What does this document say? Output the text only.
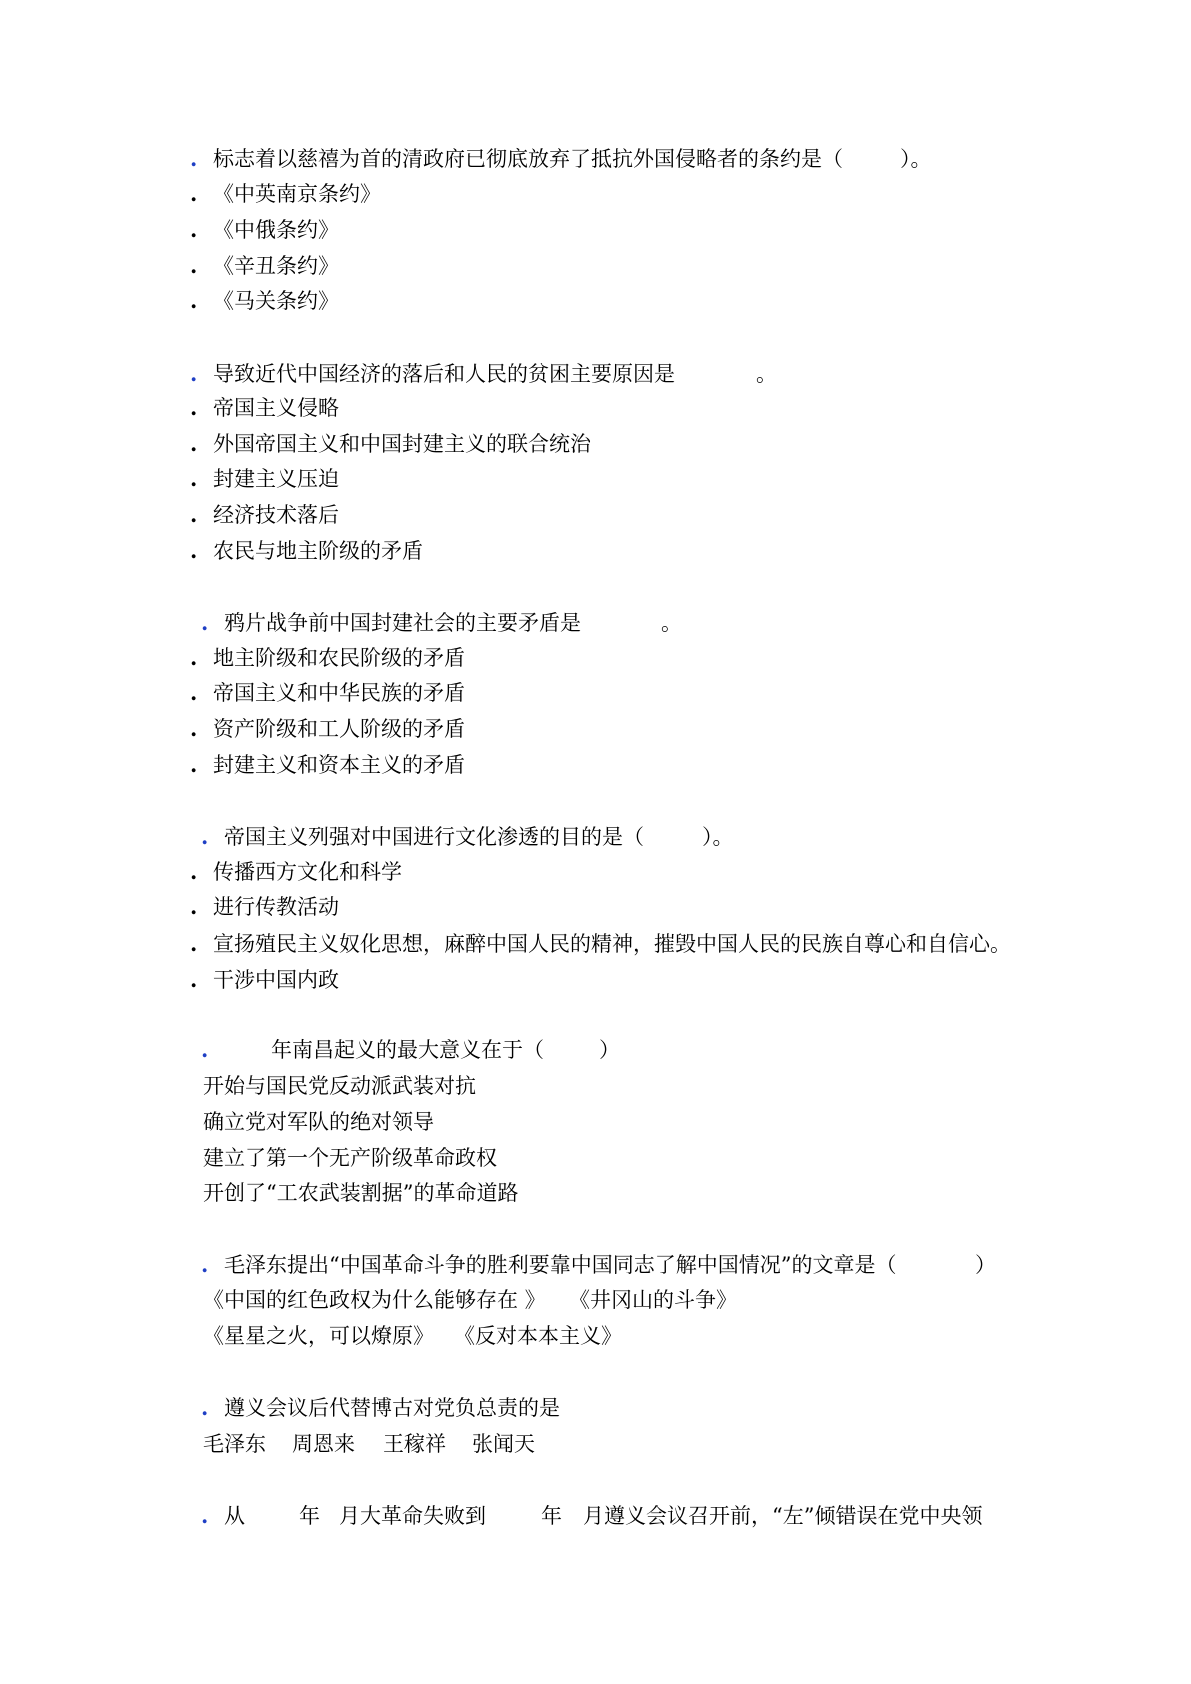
. 标志着以慈禧为首的清政府已彻底放弃了抵抗外国侵略者的条约是（	）。
. 《中英南京条约》
. 《中俄条约》
. 《辛丑条约》
. 《马关条约》
. 导致近代中国经济的落后和人民的贫困主要原因是	。
. 帝国主义侵略
. 外国帝国主义和中国封建主义的联合统治
. 封建主义压迫
. 经济技术落后
. 农民与地主阶级的矛盾
. 鸦片战争前中国封建社会的主要矛盾是	。
. 地主阶级和农民阶级的矛盾
. 帝国主义和中华民族的矛盾
. 资产阶级和工人阶级的矛盾
. 封建主义和资本主义的矛盾
. 帝国主义列强对中国进行文化渗透的目的是（	）。
. 传播西方文化和科学
. 进行传教活动
. 宣扬殖民主义奴化思想，麻醉中国人民的精神，摧毁中国人民的民族自尊心和自信心。
. 干涉中国内政
.	年南昌起义的最大意义在于（	）
开始与国民党反动派武装对抗
确立党对军队的绝对领导
建立了第一个无产阶级革命政权
开创了“工农武装割据”的革命道路
. 毛泽东提出“中国革命斗争的胜利要靠中国同志了解中国情况”的文章是（	）
《中国的红色政权为什么能够存在 》 《井冈山的斗争》
《星星之火，可以燎原》 《反对本本主义》
. 遵义会议后代替博古对党负总责的是
毛泽东 周恩来 王稼祥 张闻天
. 从	年 月大革命失败到	年 月遵义会议召开前，“左”倾错误在党中央领
